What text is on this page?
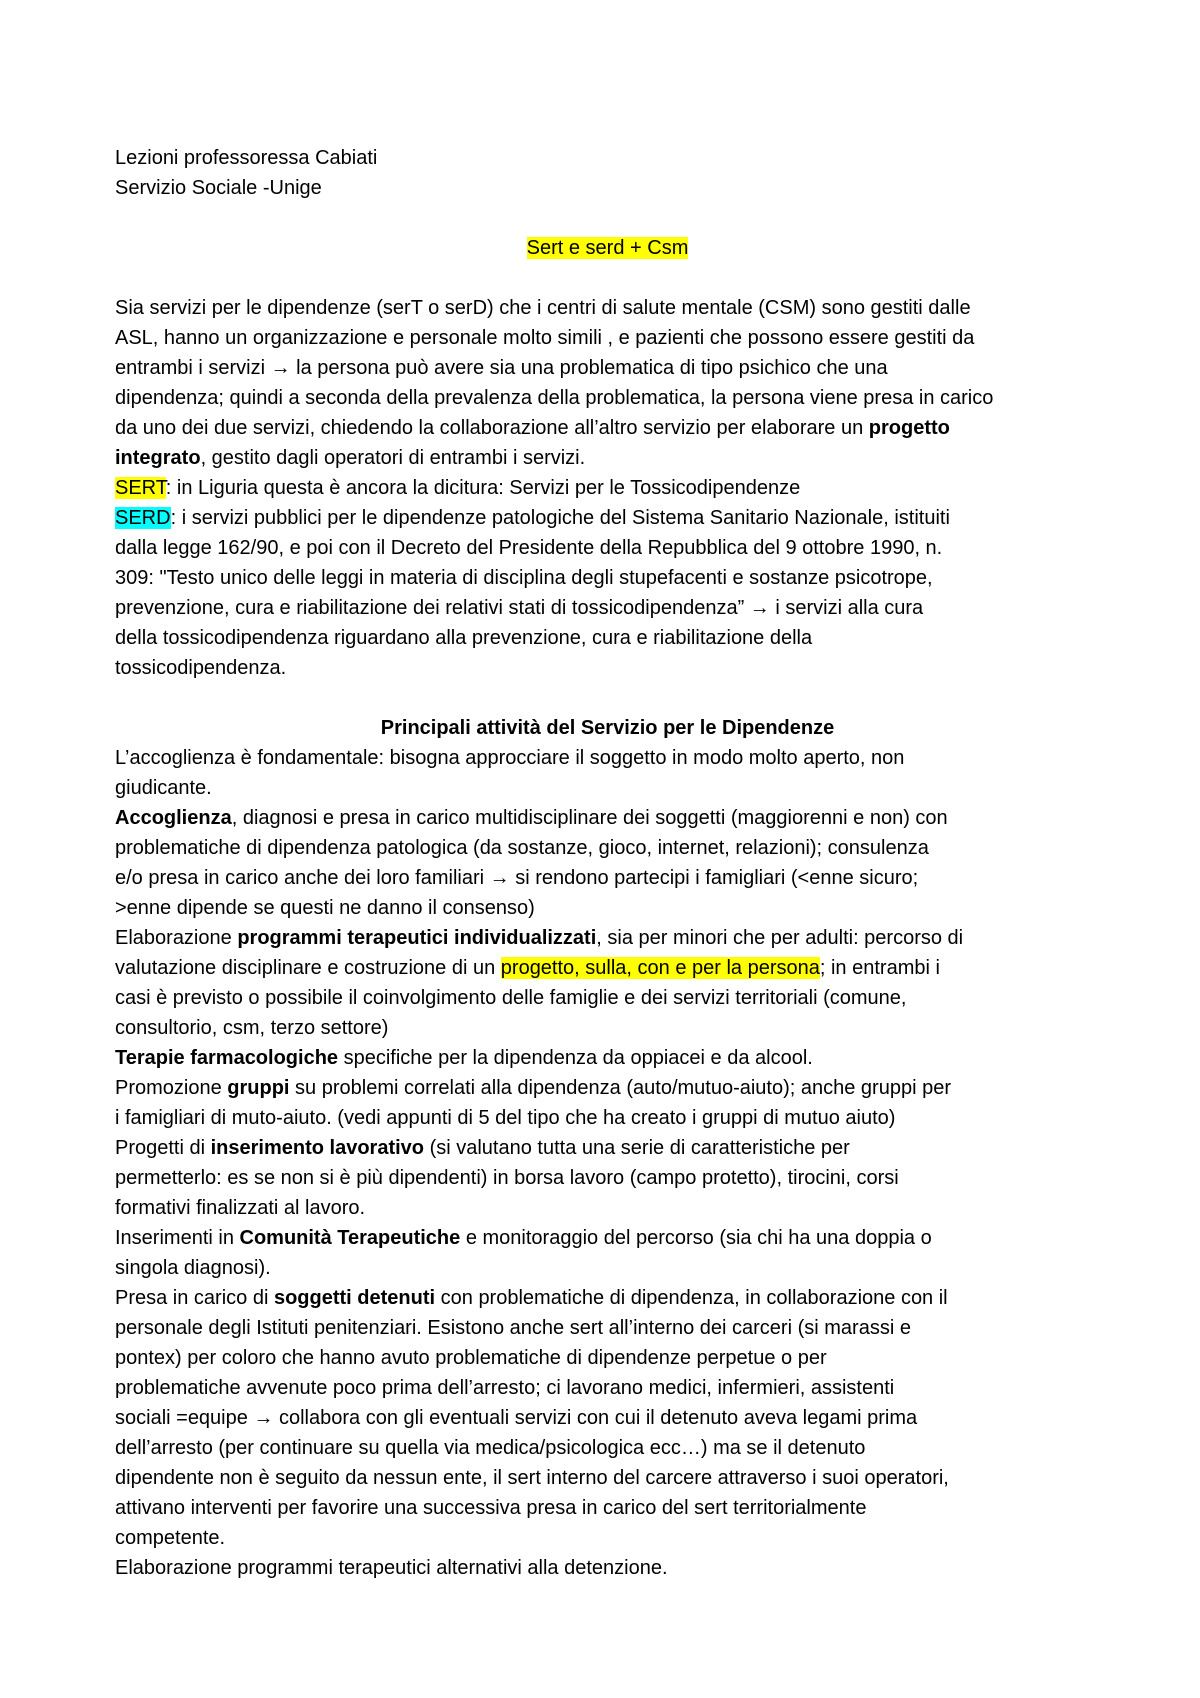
Lezioni professoressa Cabiati
Servizio Sociale -Unige
Sert e serd + Csm
Sia servizi per le dipendenze (serT o serD) che i centri di salute mentale (CSM) sono gestiti dalle
ASL, hanno un organizzazione e personale molto simili , e pazienti che possono essere gestiti da
entrambi i servizi → la persona può avere sia una problematica di tipo psichico che una
dipendenza; quindi a seconda della prevalenza della problematica, la persona viene presa in carico
da uno dei due servizi, chiedendo la collaborazione all’altro servizio per elaborare un progetto
integrato, gestito dagli operatori di entrambi i servizi.
SERT: in Liguria questa è ancora la dicitura: Servizi per le Tossicodipendenze
SERD: i servizi pubblici per le dipendenze patologiche del Sistema Sanitario Nazionale, istituiti
dalla legge 162/90, e poi con il Decreto del Presidente della Repubblica del 9 ottobre 1990, n.
309: "Testo unico delle leggi in materia di disciplina degli stupefacenti e sostanze psicotrope,
prevenzione, cura e riabilitazione dei relativi stati di tossicodipendenza” → i servizi alla cura
della tossicodipendenza riguardano alla prevenzione, cura e riabilitazione della
tossicodipendenza.
Principali attività del Servizio per le Dipendenze
L’accoglienza è fondamentale: bisogna approcciare il soggetto in modo molto aperto, non
giudicante.
Accoglienza, diagnosi e presa in carico multidisciplinare dei soggetti (maggiorenni e non) con
problematiche di dipendenza patologica (da sostanze, gioco, internet, relazioni); consulenza
e/o presa in carico anche dei loro familiari → si rendono partecipi i famigliari (<enne sicuro;
>enne dipende se questi ne danno il consenso)
Elaborazione programmi terapeutici individualizzati, sia per minori che per adulti: percorso di
valutazione disciplinare e costruzione di un progetto, sulla, con e per la persona; in entrambi i
casi è previsto o possibile il coinvolgimento delle famiglie e dei servizi territoriali (comune,
consultorio, csm, terzo settore)
Terapie farmacologiche specifiche per la dipendenza da oppiacei e da alcool.
Promozione gruppi su problemi correlati alla dipendenza (auto/mutuo-aiuto); anche gruppi per
i famigliari di muto-aiuto. (vedi appunti di 5 del tipo che ha creato i gruppi di mutuo aiuto)
Progetti di inserimento lavorativo (si valutano tutta una serie di caratteristiche per
permetterlo: es se non si è più dipendenti) in borsa lavoro (campo protetto), tirocini, corsi
formativi finalizzati al lavoro.
Inserimenti in Comunità Terapeutiche e monitoraggio del percorso (sia chi ha una doppia o
singola diagnosi).
Presa in carico di soggetti detenuti con problematiche di dipendenza, in collaborazione con il
personale degli Istituti penitenziari. Esistono anche sert all’interno dei carceri (si marassi e
pontex) per coloro che hanno avuto problematiche di dipendenze perpetue o per
problematiche avvenute poco prima dell’arresto; ci lavorano medici, infermieri, assistenti
sociali =equipe → collabora con gli eventuali servizi con cui il detenuto aveva legami prima
dell’arresto (per continuare su quella via medica/psicologica ecc…) ma se il detenuto
dipendente non è seguito da nessun ente, il sert interno del carcere attraverso i suoi operatori,
attivano interventi per favorire una successiva presa in carico del sert territorialmente
competente.
Elaborazione programmi terapeutici alternativi alla detenzione.
